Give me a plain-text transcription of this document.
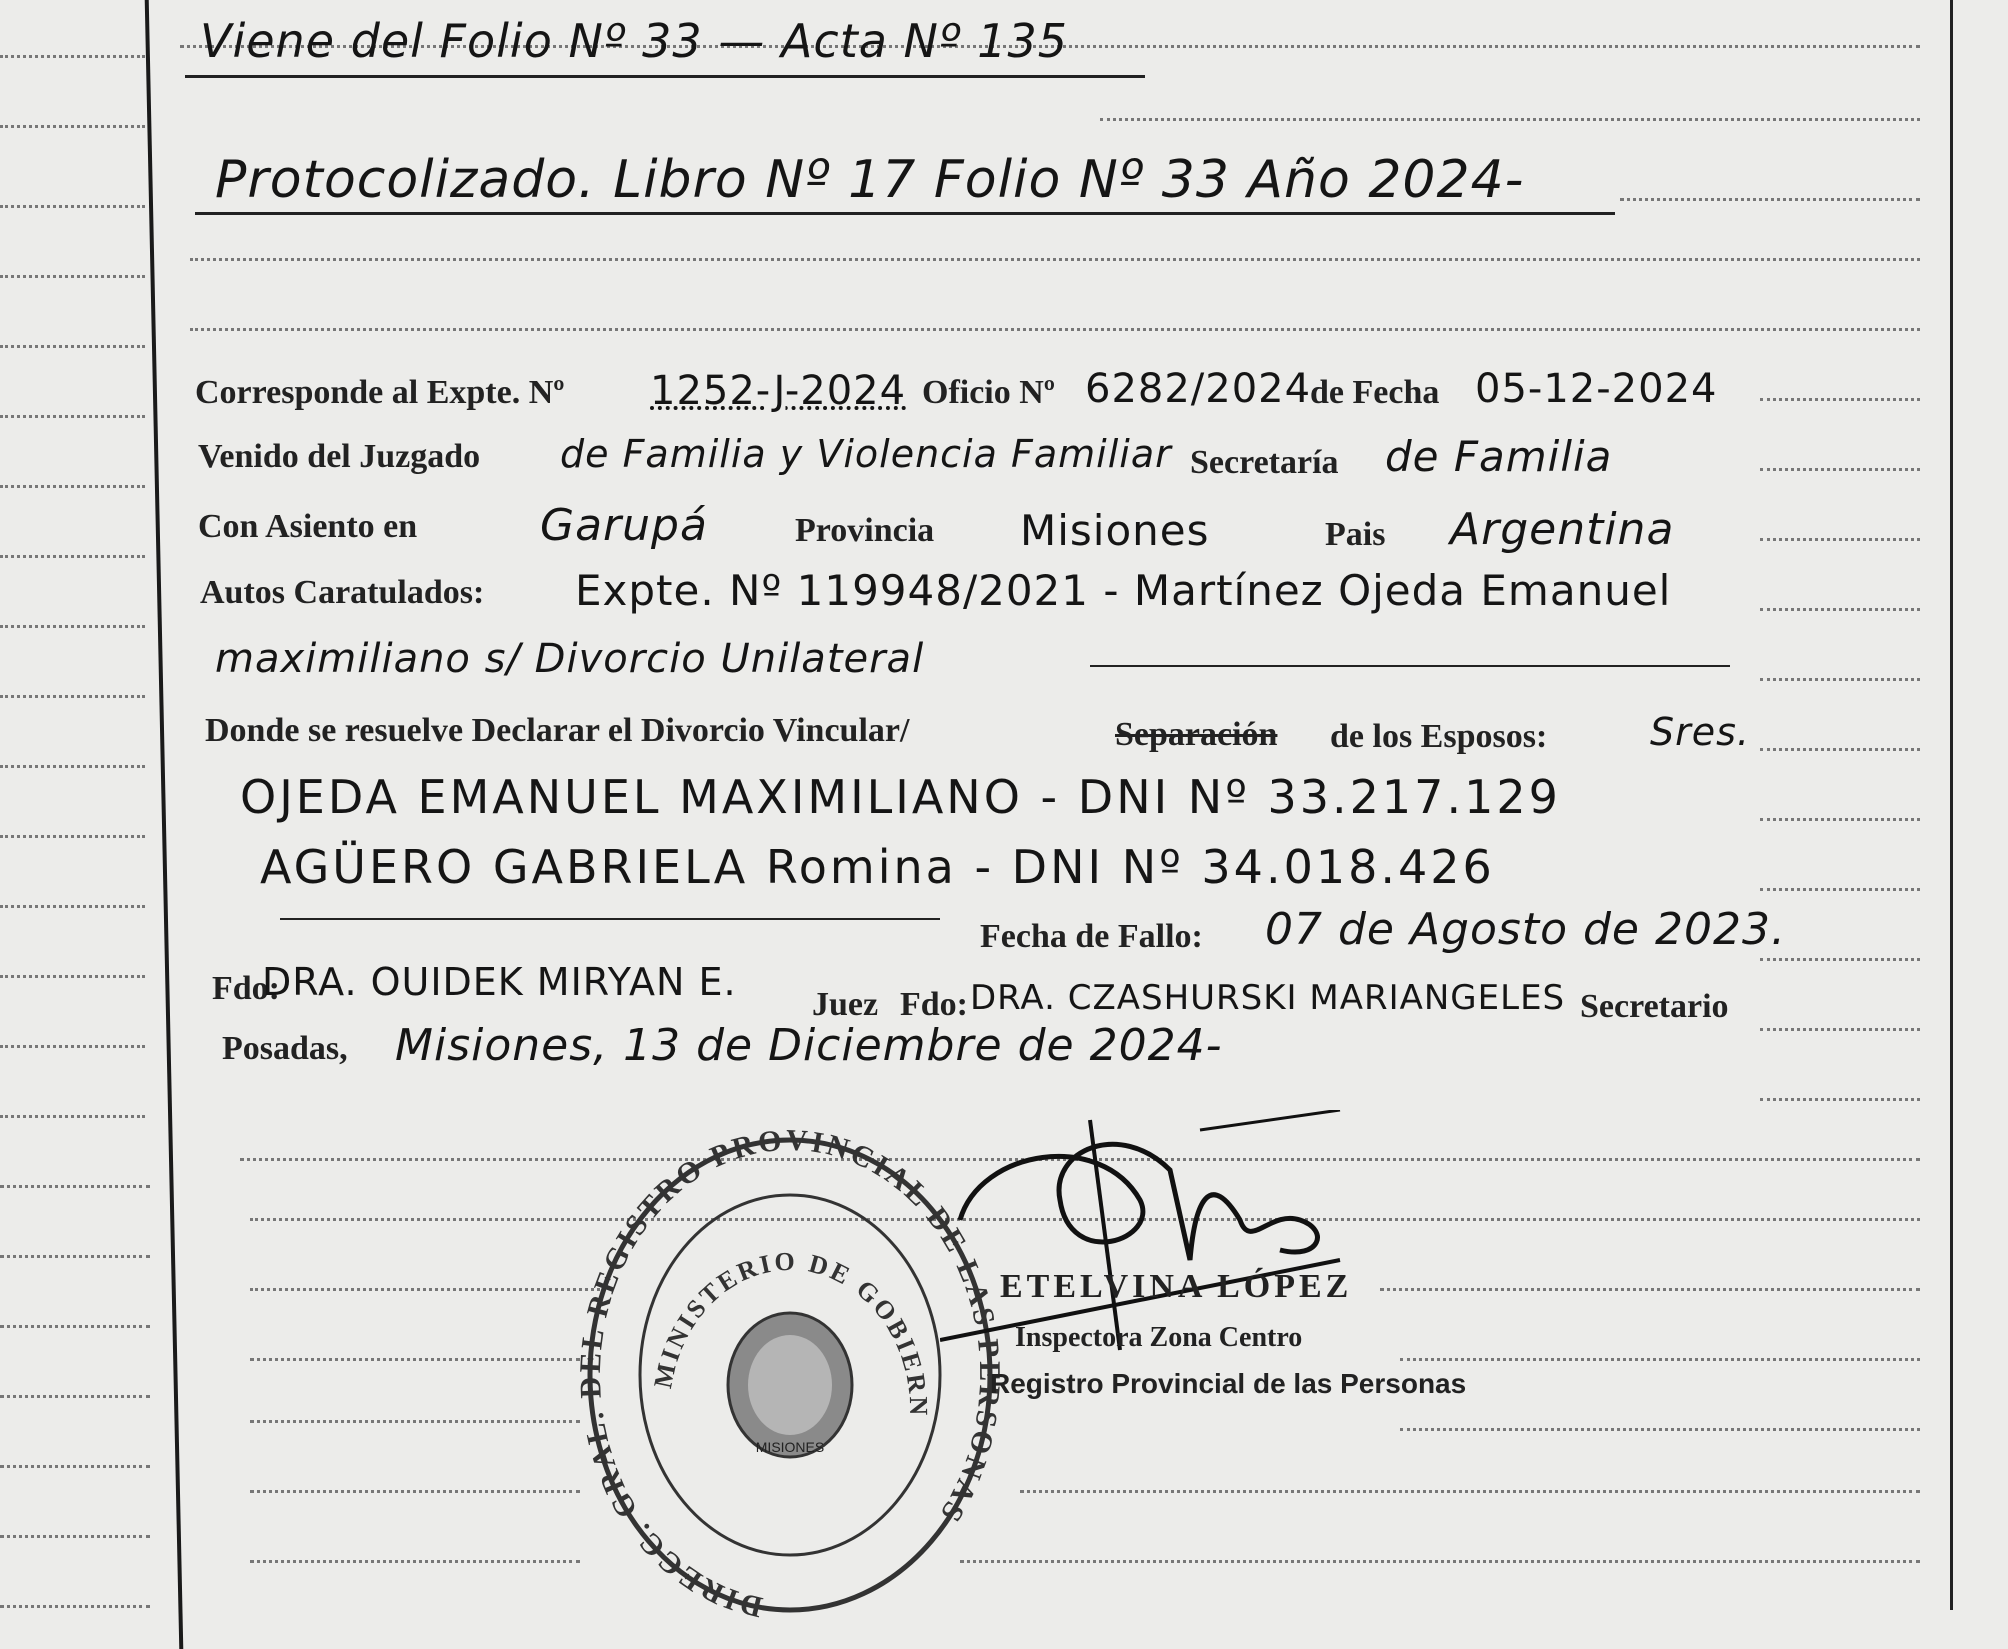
Viene del Folio Nº 33 — Acta Nº 135
Protocolizado. Libro Nº 17 Folio Nº 33 Año 2024-
Corresponde al Expte. Nº 1252-J-2024 Oficio Nº 6282/2024
de Fecha 05-12-2024
Venido del Juzgado de Familia y Violencia Familiar Secretaría de Familia
Con Asiento en	Garupá	Provincia Misiones	Pais Argentina
Autos Caratulados: Expte. Nº 119948/2021 - Martínez Ojeda Emanuel
maximiliano s/ Divorcio Unilateral
Donde se resuelve Declarar el Divorcio Vincular/	Separación de los Esposos:	Sres.
OJEDA EMANUEL MAXIMILIANO - DNI Nº 33.217.129
AGÜERO GABRIELA Romina - DNI Nº 34.018.426
Fecha de Fallo: 07 de Agosto de 2023.
Fdo:
DRA. OUIDEK MIRYAN E.
Juez Fdo: DRA. CZASHURSKI MARIANGELES Secretario
Posadas, Misiones, 13 de Diciembre de 2024-
DIRECC. GRAL REGISTRO PROVINCIAL DE LAS ONAS
MINISTERIO DE GOBIERN
MISIONES
ETELVINA LÓPEZ
Inspectora Zona Centro
Registro Provincial de las Personas
